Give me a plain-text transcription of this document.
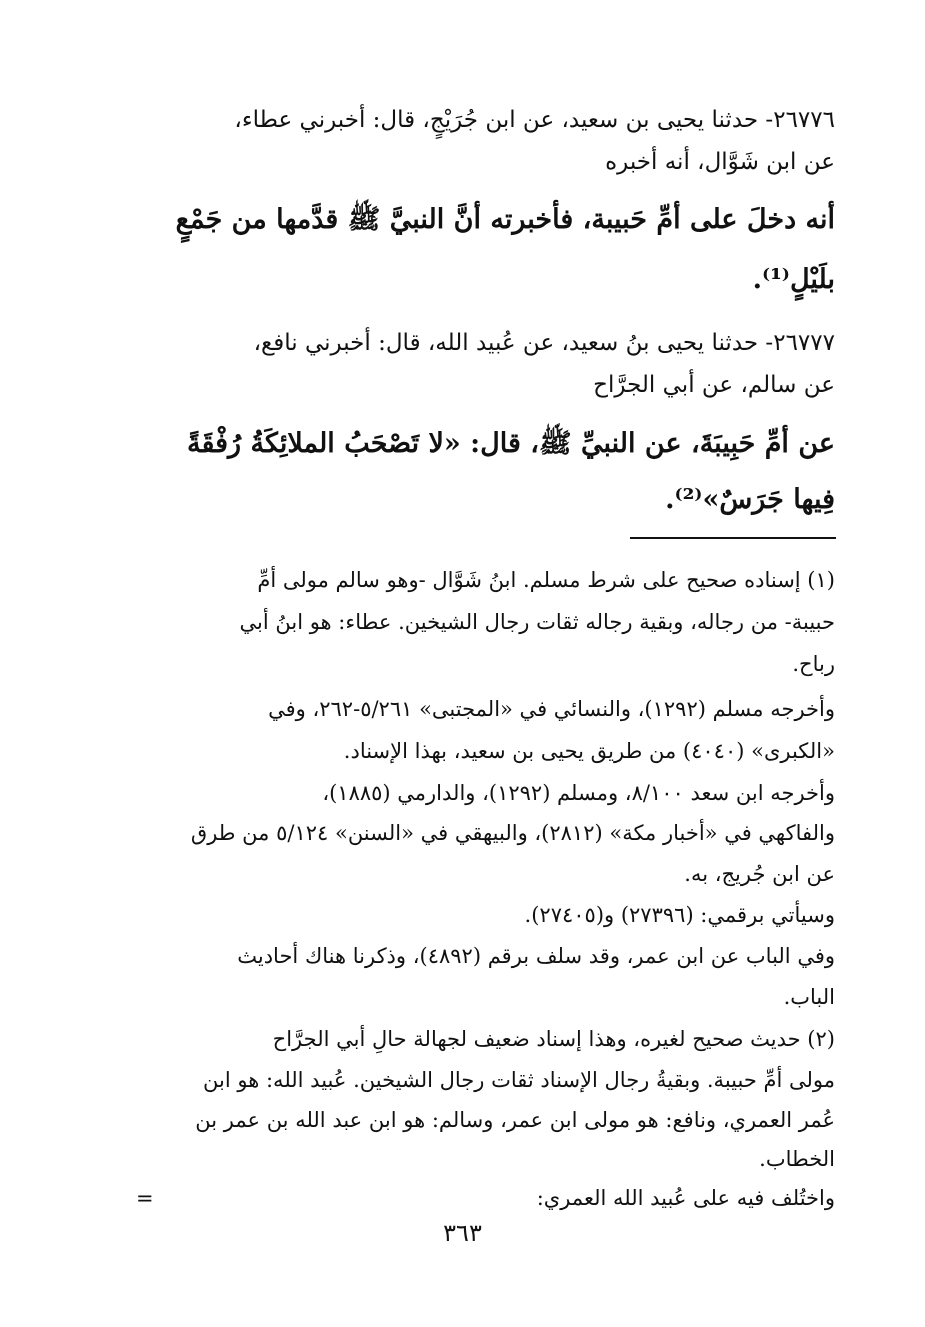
٢٦٧٧٦- حدثنا يحيى بن سعيد، عن ابن جُرَيْجٍ، قال: أخبرني عطاء،

عن ابن شَوَّال، أنه أخبره

أنه دخلَ على أمِّ حَبيبة، فأخبرته أنَّ النبيَّ ﷺ قدَّمها من جَمْعٍ

بلَيْلٍ⁽¹⁾.

٢٦٧٧٧- حدثنا يحيى بنُ سعيد، عن عُبيد الله، قال: أخبرني نافع،

عن سالم، عن أبي الجرَّاح

عن أمِّ حَبِيبَةَ، عن النبيِّ ﷺ، قال: «لا تَصْحَبُ الملائِكَةُ رُفْقَةً

فِيها جَرَسٌ»⁽²⁾.

(١) إسناده صحيح على شرط مسلم. ابنُ شَوَّال -وهو سالم مولى أمِّ

حبيبة- من رجاله، وبقية رجاله ثقات رجال الشيخين. عطاء: هو ابنُ أبي

رباح.

وأخرجه مسلم (١٢٩٢)، والنسائي في «المجتبى» ٥/٢٦١-٢٦٢، وفي

«الكبرى» (٤٠٤٠) من طريق يحيى بن سعيد، بهذا الإسناد.

وأخرجه ابن سعد ٨/١٠٠، ومسلم (١٢٩٢)، والدارمي (١٨٨٥)،

والفاكهي في «أخبار مكة» (٢٨١٢)، والبيهقي في «السنن» ٥/١٢٤ من طرق

عن ابن جُريج، به.

وسيأتي برقمي: (٢٧٣٩٦) و(٢٧٤٠٥).

وفي الباب عن ابن عمر، وقد سلف برقم (٤٨٩٢)، وذكرنا هناك أحاديث

الباب.

(٢) حديث صحيح لغيره، وهذا إسناد ضعيف لجهالة حالِ أبي الجرَّاح

مولى أمِّ حبيبة. وبقيةُ رجال الإسناد ثقات رجال الشيخين. عُبيد الله: هو ابن

عُمر العمري، ونافع: هو مولى ابن عمر، وسالم: هو ابن عبد الله بن عمر بن

الخطاب.

واختُلف فيه على عُبيد الله العمري:

=
٣٦٣
